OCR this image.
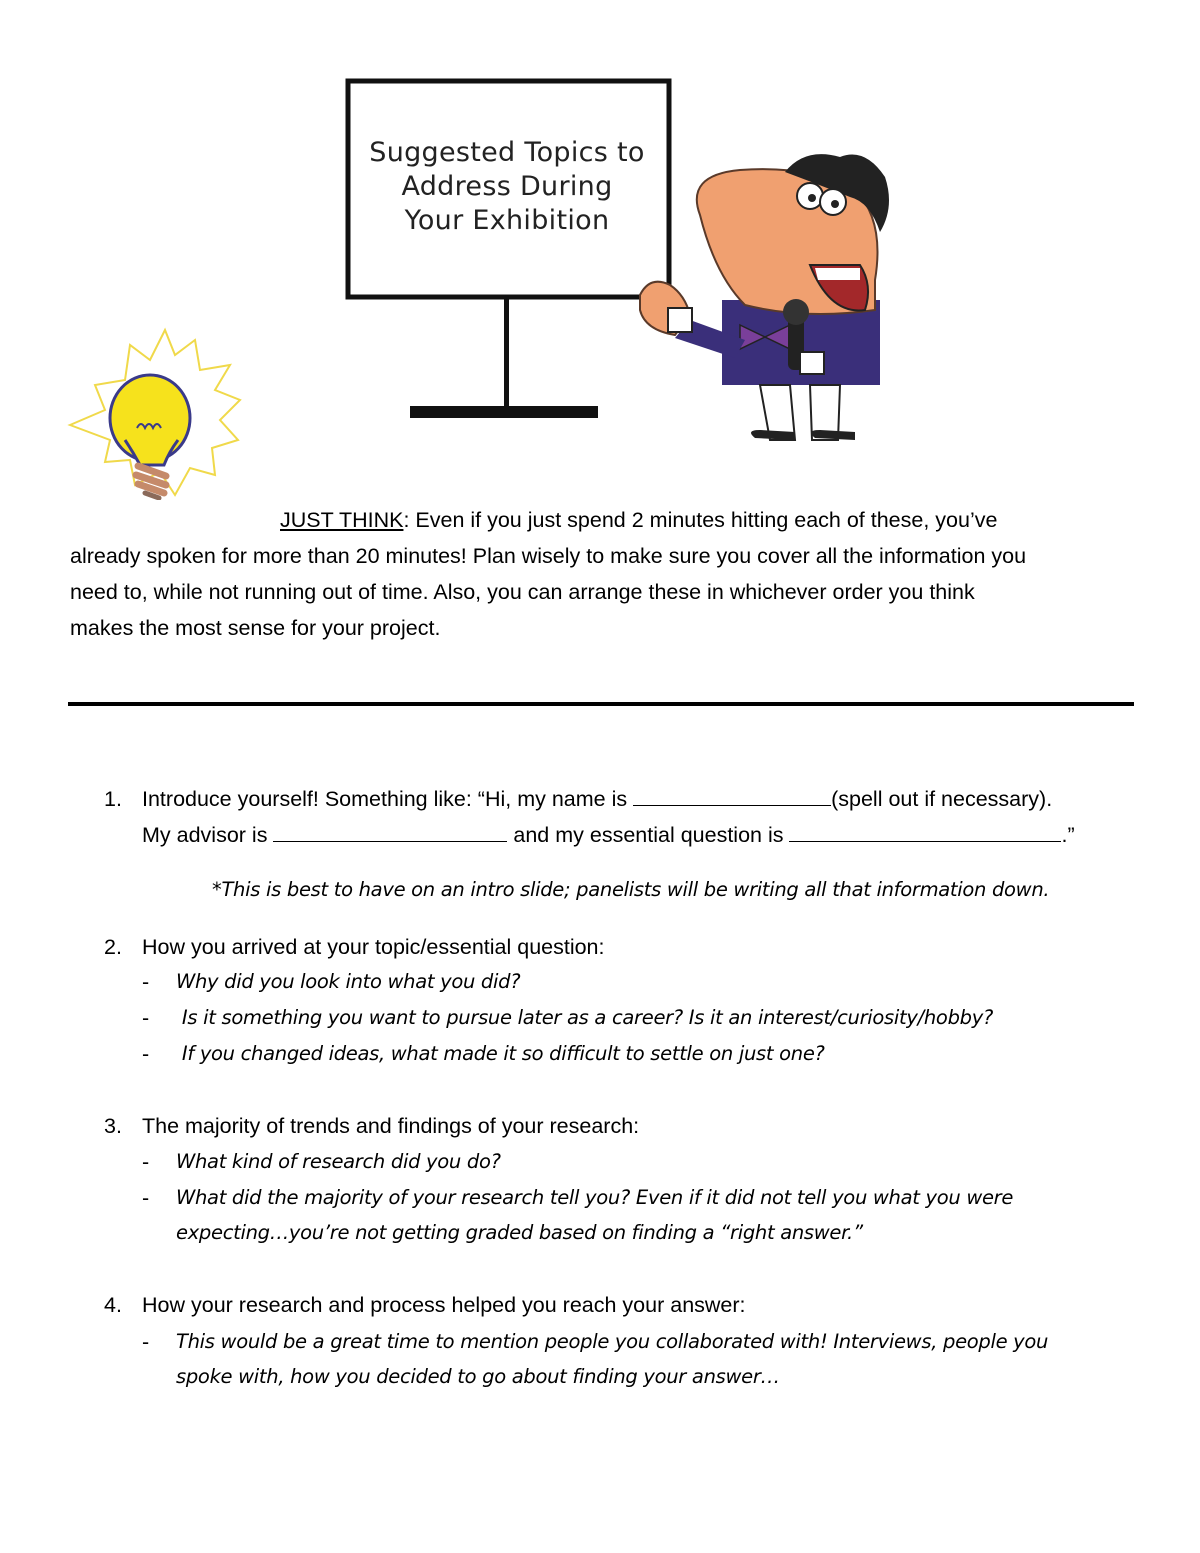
Suggested Topics to
Address During
Your Exhibition
JUST THINK: Even if you just spend 2 minutes hitting each of these, you’ve
already spoken for more than 20 minutes! Plan wisely to make sure you cover all the information you
need to, while not running out of time. Also, you can arrange these in whichever order you think
makes the most sense for your project.
1. Introduce yourself! Something like: “Hi, my name is	(spell out if necessary).
My advisor is	and my essential question is	.”
*This is best to have on an intro slide; panelists will be writing all that information down.
2. How you arrived at your topic/essential question:
- Why did you look into what you did?
- Is it something you want to pursue later as a career? Is it an interest/curiosity/hobby?
- If you changed ideas, what made it so difficult to settle on just one?
3. The majority of trends and findings of your research:
- What kind of research did you do?
- What did the majority of your research tell you? Even if it did not tell you what you were
expecting…you’re not getting graded based on finding a “right answer.”
4. How your research and process helped you reach your answer:
- This would be a great time to mention people you collaborated with! Interviews, people you
spoke with, how you decided to go about finding your answer…
